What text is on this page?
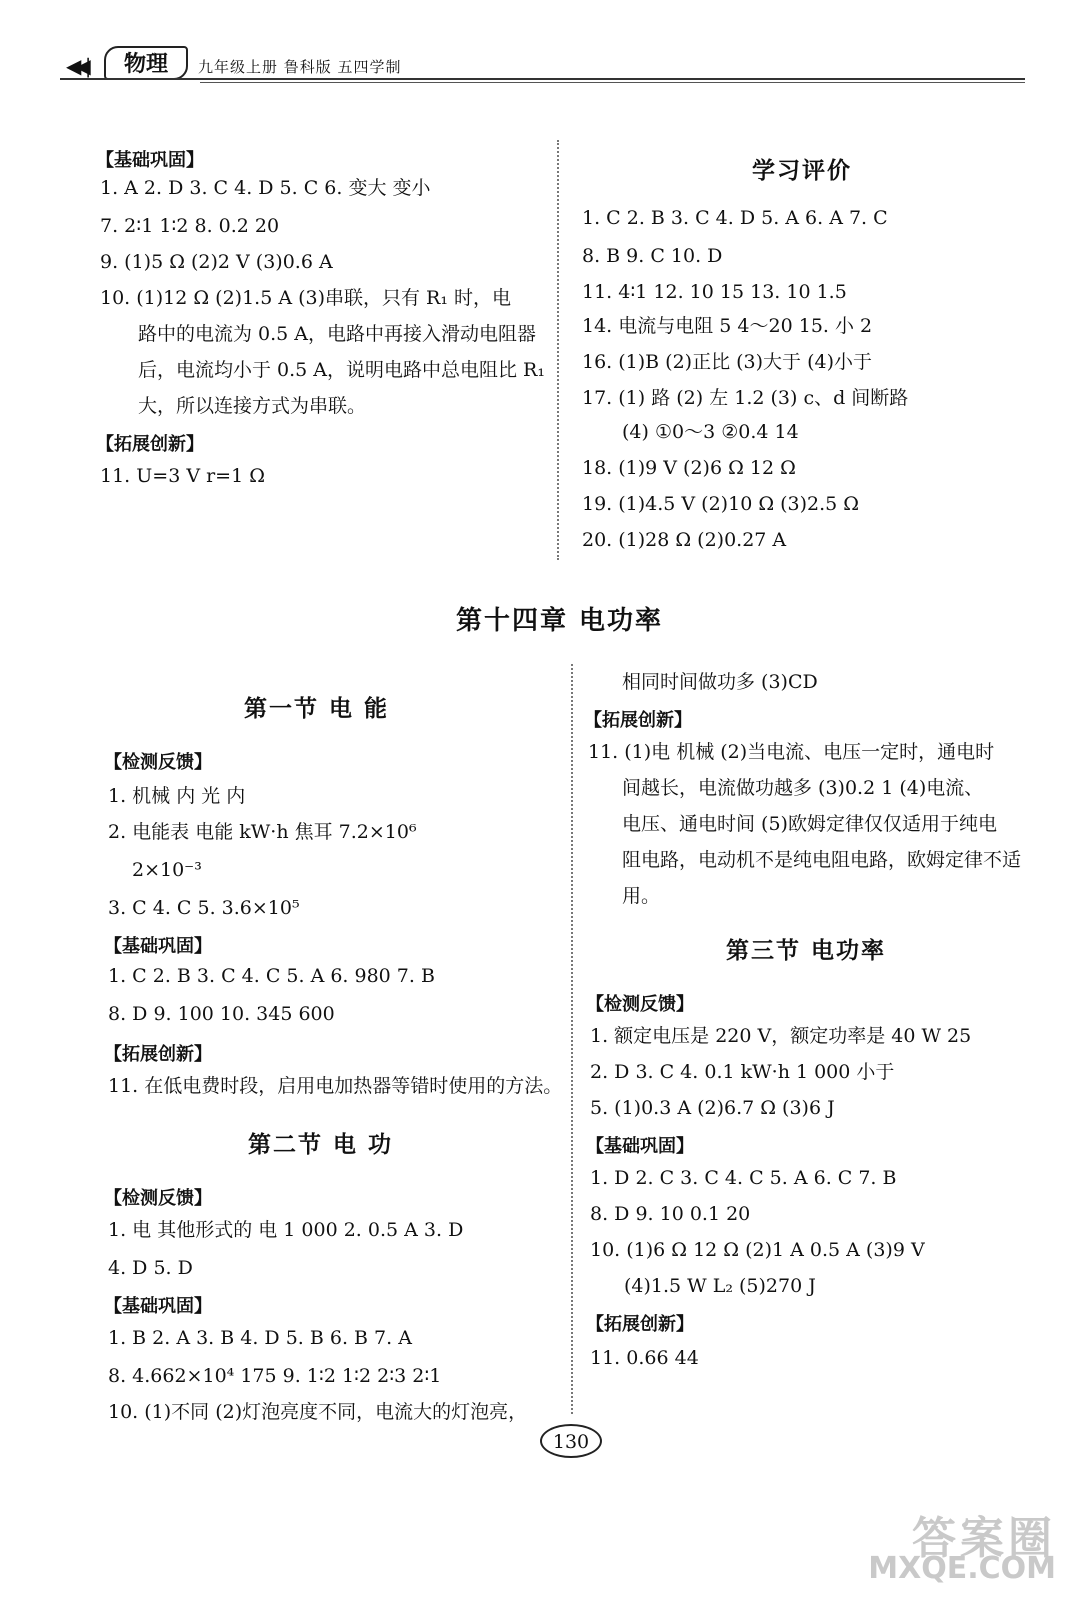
◀◀|	物理	九年级上册 鲁科版 五四学制
【基础巩固】
1. A 2. D 3. C 4. D 5. C 6. 变大 变小
7. 2∶1 1∶2 8. 0.2 20
9. (1)5 Ω (2)2 V (3)0.6 A
10. (1)12 Ω (2)1.5 A (3)串联，只有 R₁ 时，电
路中的电流为 0.5 A，电路中再接入滑动电阻器
后，电流均小于 0.5 A，说明电路中总电阻比 R₁
大，所以连接方式为串联。
【拓展创新】
11. U=3 V r=1 Ω
学习评价
1. C 2. B 3. C 4. D 5. A 6. A 7. C
8. B 9. C 10. D
11. 4∶1 12. 10 15 13. 10 1.5
14. 电流与电阻 5 4～20 15. 小 2
16. (1)B (2)正比 (3)大于 (4)小于
17. (1) 路 (2) 左 1.2 (3) c、d 间断路
(4) ①0～3 ②0.4 14
18. (1)9 V (2)6 Ω 12 Ω
19. (1)4.5 V (2)10 Ω (3)2.5 Ω
20. (1)28 Ω (2)0.27 A
第十四章 电功率
第一节 电 能
【检测反馈】
1. 机械 内 光 内
2. 电能表 电能 kW·h 焦耳 7.2×10⁶
2×10⁻³
3. C 4. C 5. 3.6×10⁵
【基础巩固】
1. C 2. B 3. C 4. C 5. A 6. 980 7. B
8. D 9. 100 10. 345 600
【拓展创新】
11. 在低电费时段，启用电加热器等错时使用的方法。
第二节 电 功
【检测反馈】
1. 电 其他形式的 电 1 000 2. 0.5 A 3. D
4. D 5. D
【基础巩固】
1. B 2. A 3. B 4. D 5. B 6. B 7. A
8. 4.662×10⁴ 175 9. 1∶2 1∶2 2∶3 2∶1
10. (1)不同 (2)灯泡亮度不同，电流大的灯泡亮，
相同时间做功多 (3)CD
【拓展创新】
11. (1)电 机械 (2)当电流、电压一定时，通电时
间越长，电流做功越多 (3)0.2 1 (4)电流、
电压、通电时间 (5)欧姆定律仅仅适用于纯电
阻电路，电动机不是纯电阻电路，欧姆定律不适
用。
第三节 电功率
【检测反馈】
1. 额定电压是 220 V，额定功率是 40 W 25
2. D 3. C 4. 0.1 kW·h 1 000 小于
5. (1)0.3 A (2)6.7 Ω (3)6 J
【基础巩固】
1. D 2. C 3. C 4. C 5. A 6. C 7. B
8. D 9. 10 0.1 20
10. (1)6 Ω 12 Ω (2)1 A 0.5 A (3)9 V
(4)1.5 W L₂ (5)270 J
【拓展创新】
11. 0.66 44
130
答案圈
MXQE.COM
